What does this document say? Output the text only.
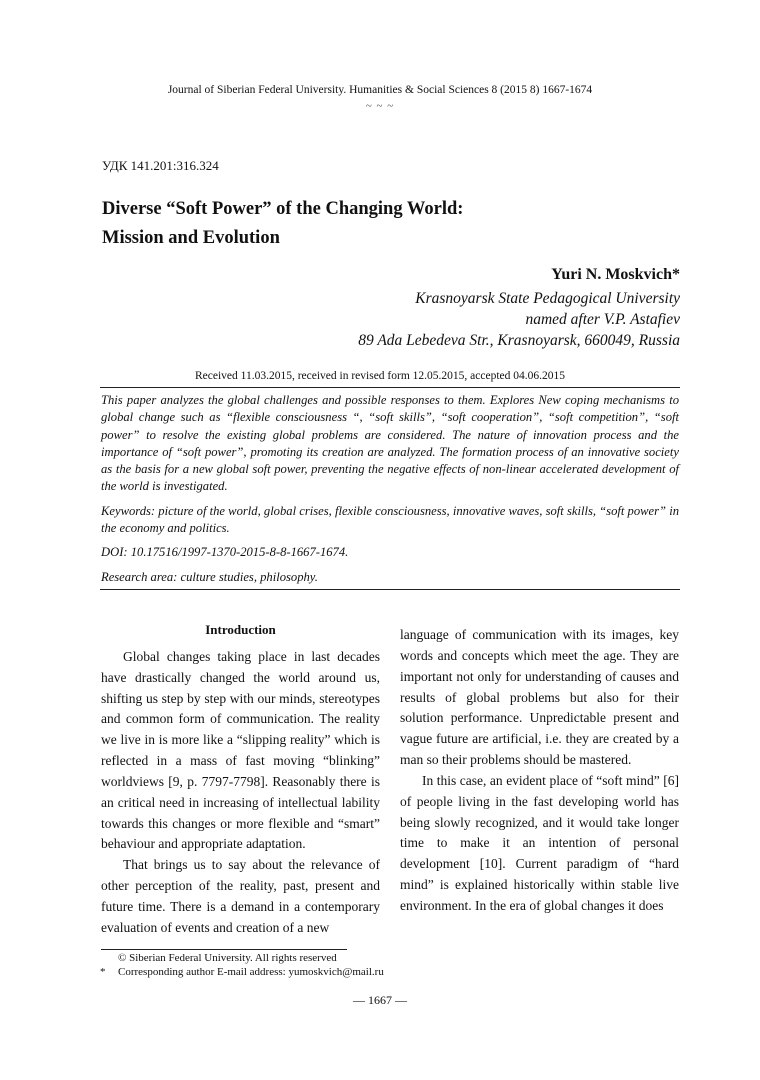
Journal of Siberian Federal University. Humanities & Social Sciences 8 (2015 8) 1667-1674
~ ~ ~
УДК 141.201:316.324
Diverse “Soft Power” of the Changing World:
Mission and Evolution
Yuri N. Moskvich*
Krasnoyarsk State Pedagogical University
named after V.P. Astafiev
89 Ada Lebedeva Str., Krasnoyarsk, 660049, Russia
Received 11.03.2015, received in revised form 12.05.2015, accepted 04.06.2015
This paper analyzes the global challenges and possible responses to them. Explores New coping mechanisms to global change such as “flexible consciousness “, “soft skills”, “soft cooperation”, “soft competition”, “soft power” to resolve the existing global problems are considered. The nature of innovation process and the importance of “soft power”, promoting its creation are analyzed. The formation process of an innovative society as the basis for a new global soft power, preventing the negative effects of non-linear accelerated development of the world is investigated.
Keywords: picture of the world, global crises, flexible consciousness, innovative waves, soft skills, “soft power” in the economy and politics.
DOI: 10.17516/1997-1370-2015-8-8-1667-1674.
Research area: culture studies, philosophy.
Introduction

Global changes taking place in last decades have drastically changed the world around us, shifting us step by step with our minds, stereotypes and common form of communication. The reality we live in is more like a “slipping reality” which is reflected in a mass of fast moving “blinking” worldviews [9, p. 7797-7798]. Reasonably there is an critical need in increasing of intellectual lability towards this changes or more flexible and “smart” behaviour and appropriate adaptation.

That brings us to say about the relevance of other perception of the reality, past, present and future time. There is a demand in a contemporary evaluation of events and creation of a new

language of communication with its images, key words and concepts which meet the age. They are important not only for understanding of causes and results of global problems but also for their solution performance. Unpredictable present and vague future are artificial, i.e. they are created by a man so their problems should be mastered.

In this case, an evident place of “soft mind” [6] of people living in the fast developing world has being slowly recognized, and it would take longer time to make it an intention of personal development [10]. Current paradigm of “hard mind” is explained historically within stable live environment. In the era of global changes it does

© Siberian Federal University. All rights reserved
* Corresponding author E-mail address: yumoskvich@mail.ru
— 1667 —
